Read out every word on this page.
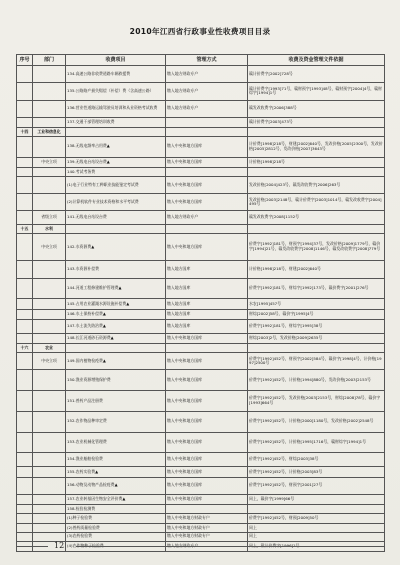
2010年江西省行政事业性收费项目目录
序号	部门	收费项目	管理方式	收费及资金管理文件依据
		134.高速公路非收费道路车辆救援费	缴入地方财政专户	赣计价费字[2002]728号
		135.公路路产损失赔偿（补偿）费（含高速公路）	缴入地方财政专户	赣计价费字[1993]71号，赣财预字[1993]48号，赣财预字[2004]4号，赣财综字[1994]1号
		136.营业性道路运输驾驶员培训和从业资格考试收费	缴入地方财政专户	赣发改收费字[2006]388号
		137.交通干部管理培训收费		赣计价费字[2003]473号
十四	工业和信息化			
		138.无线电频率占用费▲	缴入中央和地方国库	计价费[1998]218号，财建[2002]640号，发改价格[2005]2300号，发改价格[2005]2812号，发改价格[2007]3643号
	中央立项	139.无线电台站设台费▲	缴入中央和地方国库	计价格[1998]218号
		140.考试考务费		
		(1)电子行业特有工种职业技能鉴定考试费	缴入中央和地方国库	发改价格[2004]423号，赣发改收费字[2006]263号
		(2)计算机软件专业技术资格和水平考试费	缴入中央和地方国库	发改价格[2003]2148号，赣计价费字[2003]1014号，赣发改收费字[2004]495号
	省级立项	141.无线电台站设台费	缴入地方财政专户	赣发改收费字[2008]1152号
十五	水利			
	中央立项	142.水资源费▲	缴入中央和地方国库	价费字[1992]181号，财预字[1994]37号，发改价格[2009]1779号，赣价字[1994]21号，赣发改收费字[2008]1146号，赣发改收费字[2008]779号
		143.水资源补偿费	缴入地方国库	计价格[1998]218号，财建[2002]640号
		144.河道工程修建维护管理费▲	缴入地方国库	价费字[1992]181号，财综字[1992]173号，赣价费字[2001]276号
		145.占用农业灌溉水源设施补偿费▲	缴入地方国库	水农[1995]457号
		146.水土保持补偿费▲	缴入地方国库	财综[2002]58号，赣价字[1995]4号
		147.水土流失防治费▲	缴入地方国库	价费字[1992]181号，财综字[1995]38号
		148.长江河道砂石资源费▲	缴入中央和地方国库	财综[2003]2号，发改价格[2009]2635号
十六	农业			
	中央立项	149.国内植物检疫费▲	缴入中央和地方国库	价费字[1992]452号，财预字[2002]584号，赣价字[1998]4号，计价格[1997]2500号
		150.渔业资源增殖保护费	缴入中央和地方国库	价费字[1992]452号，计价格[1994]880号，发改价格[2003]2153号
		151.兽药产品注册费	缴入中央和地方国库	价费字[1992]452号，发改价格[2003]2153号，财综[2008]78号，赣价字[1993]664号
		152.农作物品种审定费	缴入中央和地方国库	价费字[1992]452号，计价格[2000]1180号，发改价格[2002]2548号
		153.农业机械化管理费	缴入中央和地方国库	价费字[1992]452号，计价格[1995]1716号，赣财综字[1994]1号
		154.渔业船舶检验费	缴入中央和地方国库	价费字[1992]452号，财综[2003]38号
		155.农药实验费▲	缴入中央和地方国库	价费字[1992]452号，计价格[2003]83号
		156.动物及动物产品检疫费▲	缴入中央和地方国库	价费字[1992]452号，财预字[2001]27号
		157.农业转基因生物安全评价费▲	缴入中央和地方国库	同上，赣价字[1999]66号
		158.检验检测费		
		(1)种子检验费	缴入中央和地方财政专户	价费字[1992]452号，财预[2009]50号
		(2)兽药质量检验费	缴入中央和地方财政专户	同上
		(3)农药检验费	缴入中央和地方财政专户	同上
		(4)农作物种子检验费	缴入地方财政专户	同上，赣计价费字[1996]1号
12
